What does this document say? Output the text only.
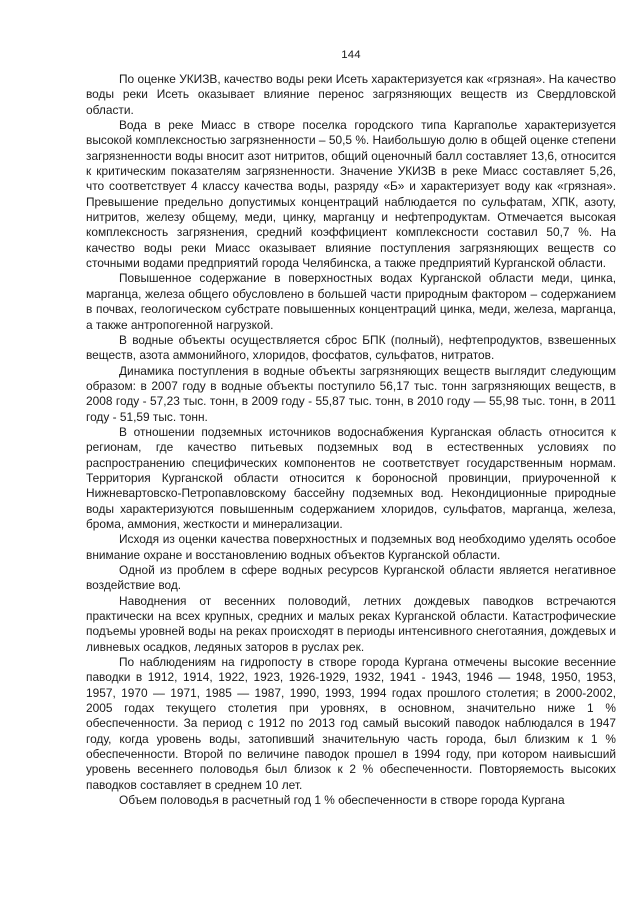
144

По оценке УКИЗВ, качество воды реки Исеть характеризуется как «грязная». На качество воды реки Исеть оказывает влияние перенос загрязняющих веществ из Свердловской области.

Вода в реке Миасс в створе поселка городского типа Каргаполье характеризуется высокой комплексностью загрязненности – 50,5 %. Наибольшую долю в общей оценке степени загрязненности воды вносит азот нитритов, общий оценочный балл составляет 13,6, относится к критическим показателям загрязненности. Значение УКИЗВ в реке Миасс составляет 5,26, что соответствует 4 классу качества воды, разряду «Б» и характеризует воду как «грязная». Превышение предельно допустимых концентраций наблюдается по сульфатам, ХПК, азоту, нитритов, железу общему, меди, цинку, марганцу и нефтепродуктам. Отмечается высокая комплексность загрязнения, средний коэффициент комплексности составил 50,7 %. На качество воды реки Миасс оказывает влияние поступления загрязняющих веществ со сточными водами предприятий города Челябинска, а также предприятий Курганской области.

Повышенное содержание в поверхностных водах Курганской области меди, цинка, марганца, железа общего обусловлено в большей части природным фактором – содержанием в почвах, геологическом субстрате повышенных концентраций цинка, меди, железа, марганца, а также антропогенной нагрузкой.

В водные объекты осуществляется сброс БПК (полный), нефтепродуктов, взвешенных веществ, азота аммонийного, хлоридов, фосфатов, сульфатов, нитратов.

Динамика поступления в водные объекты загрязняющих веществ выглядит следующим образом: в 2007 году в водные объекты поступило 56,17 тыс. тонн загрязняющих веществ, в 2008 году - 57,23 тыс. тонн, в 2009 году - 55,87 тыс. тонн, в 2010 году — 55,98 тыс. тонн, в 2011 году - 51,59 тыс. тонн.

В отношении подземных источников водоснабжения Курганская область относится к регионам, где качество питьевых подземных вод в естественных условиях по распространению специфических компонентов не соответствует государственным нормам. Территория Курганской области относится к бороносной провинции, приуроченной к Нижневартовско-Петропавловскому бассейну подземных вод. Некондиционные природные воды характеризуются повышенным содержанием хлоридов, сульфатов, марганца, железа, брома, аммония, жесткости и минерализации.

Исходя из оценки качества поверхностных и подземных вод необходимо уделять особое внимание охране и восстановлению водных объектов Курганской области.

Одной из проблем в сфере водных ресурсов Курганской области является негативное воздействие вод.

Наводнения от весенних половодий, летних дождевых паводков встречаются практически на всех крупных, средних и малых реках Курганской области. Катастрофические подъемы уровней воды на реках происходят в периоды интенсивного снеготаяния, дождевых и ливневых осадков, ледяных заторов в руслах рек.

По наблюдениям на гидропосту в створе города Кургана отмечены высокие весенние паводки в 1912, 1914, 1922, 1923, 1926-1929, 1932, 1941 - 1943, 1946 — 1948, 1950, 1953, 1957, 1970 — 1971, 1985 — 1987, 1990, 1993, 1994 годах прошлого столетия; в 2000-2002, 2005 годах текущего столетия при уровнях, в основном, значительно ниже 1 % обеспеченности. За период с 1912 по 2013 год самый высокий паводок наблюдался в 1947 году, когда уровень воды, затопивший значительную часть города, был близким к 1 % обеспеченности. Второй по величине паводок прошел в 1994 году, при котором наивысший уровень весеннего половодья был близок к 2 % обеспеченности. Повторяемость высоких паводков составляет в среднем 10 лет.

Объем половодья в расчетный год 1 % обеспеченности в створе города Кургана
